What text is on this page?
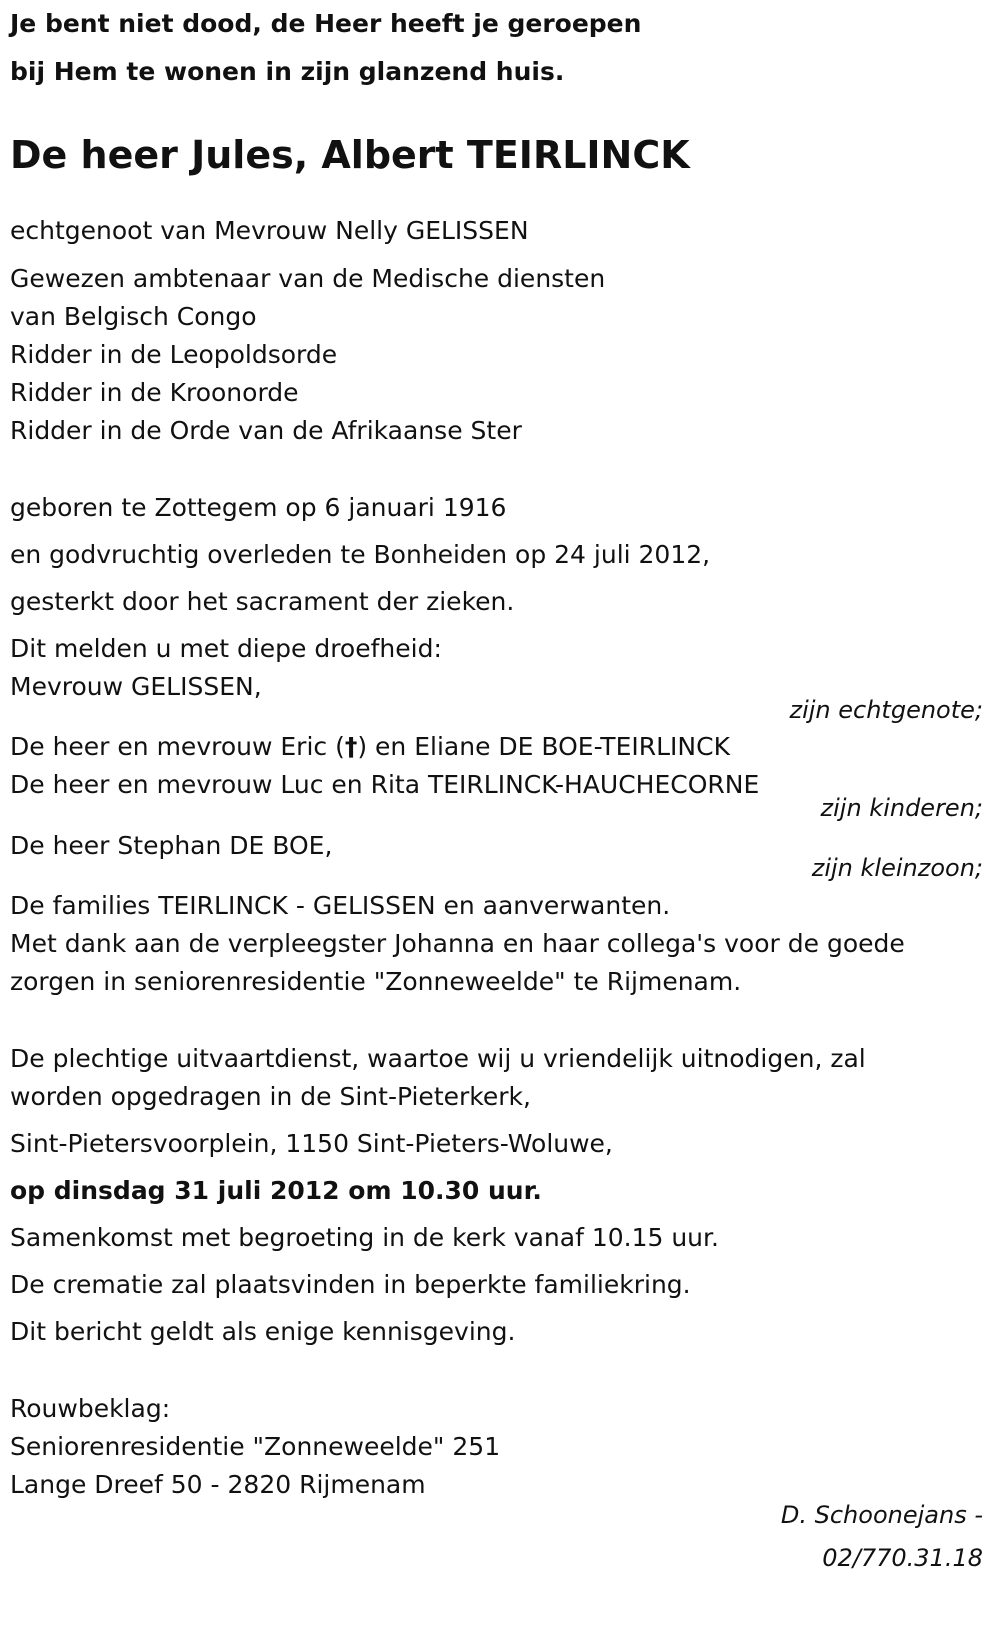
Je bent niet dood, de Heer heeft je geroepen
bij Hem te wonen in zijn glanzend huis.
De heer Jules, Albert TEIRLINCK
echtgenoot van Mevrouw Nelly GELISSEN
Gewezen ambtenaar van de Medische diensten
van Belgisch Congo
Ridder in de Leopoldsorde
Ridder in de Kroonorde
Ridder in de Orde van de Afrikaanse Ster
geboren te Zottegem op 6 januari 1916
en godvruchtig overleden te Bonheiden op 24 juli 2012,
gesterkt door het sacrament der zieken.
Dit melden u met diepe droefheid:
Mevrouw GELISSEN,
zijn echtgenote;
De heer en mevrouw Eric (†) en Eliane DE BOE-TEIRLINCK
De heer en mevrouw Luc en Rita TEIRLINCK-HAUCHECORNE
zijn kinderen;
De heer Stephan DE BOE,
zijn kleinzoon;
De families TEIRLINCK - GELISSEN en aanverwanten.
Met dank aan de verpleegster Johanna en haar collega's voor de goede
zorgen in seniorenresidentie "Zonneweelde" te Rijmenam.
De plechtige uitvaartdienst, waartoe wij u vriendelijk uitnodigen, zal
worden opgedragen in de Sint-Pieterkerk,
Sint-Pietersvoorplein, 1150 Sint-Pieters-Woluwe,
op dinsdag 31 juli 2012 om 10.30 uur.
Samenkomst met begroeting in de kerk vanaf 10.15 uur.
De crematie zal plaatsvinden in beperkte familiekring.
Dit bericht geldt als enige kennisgeving.
Rouwbeklag:
Seniorenresidentie "Zonneweelde" 251
Lange Dreef 50 - 2820 Rijmenam
D. Schoonejans -
02/770.31.18
